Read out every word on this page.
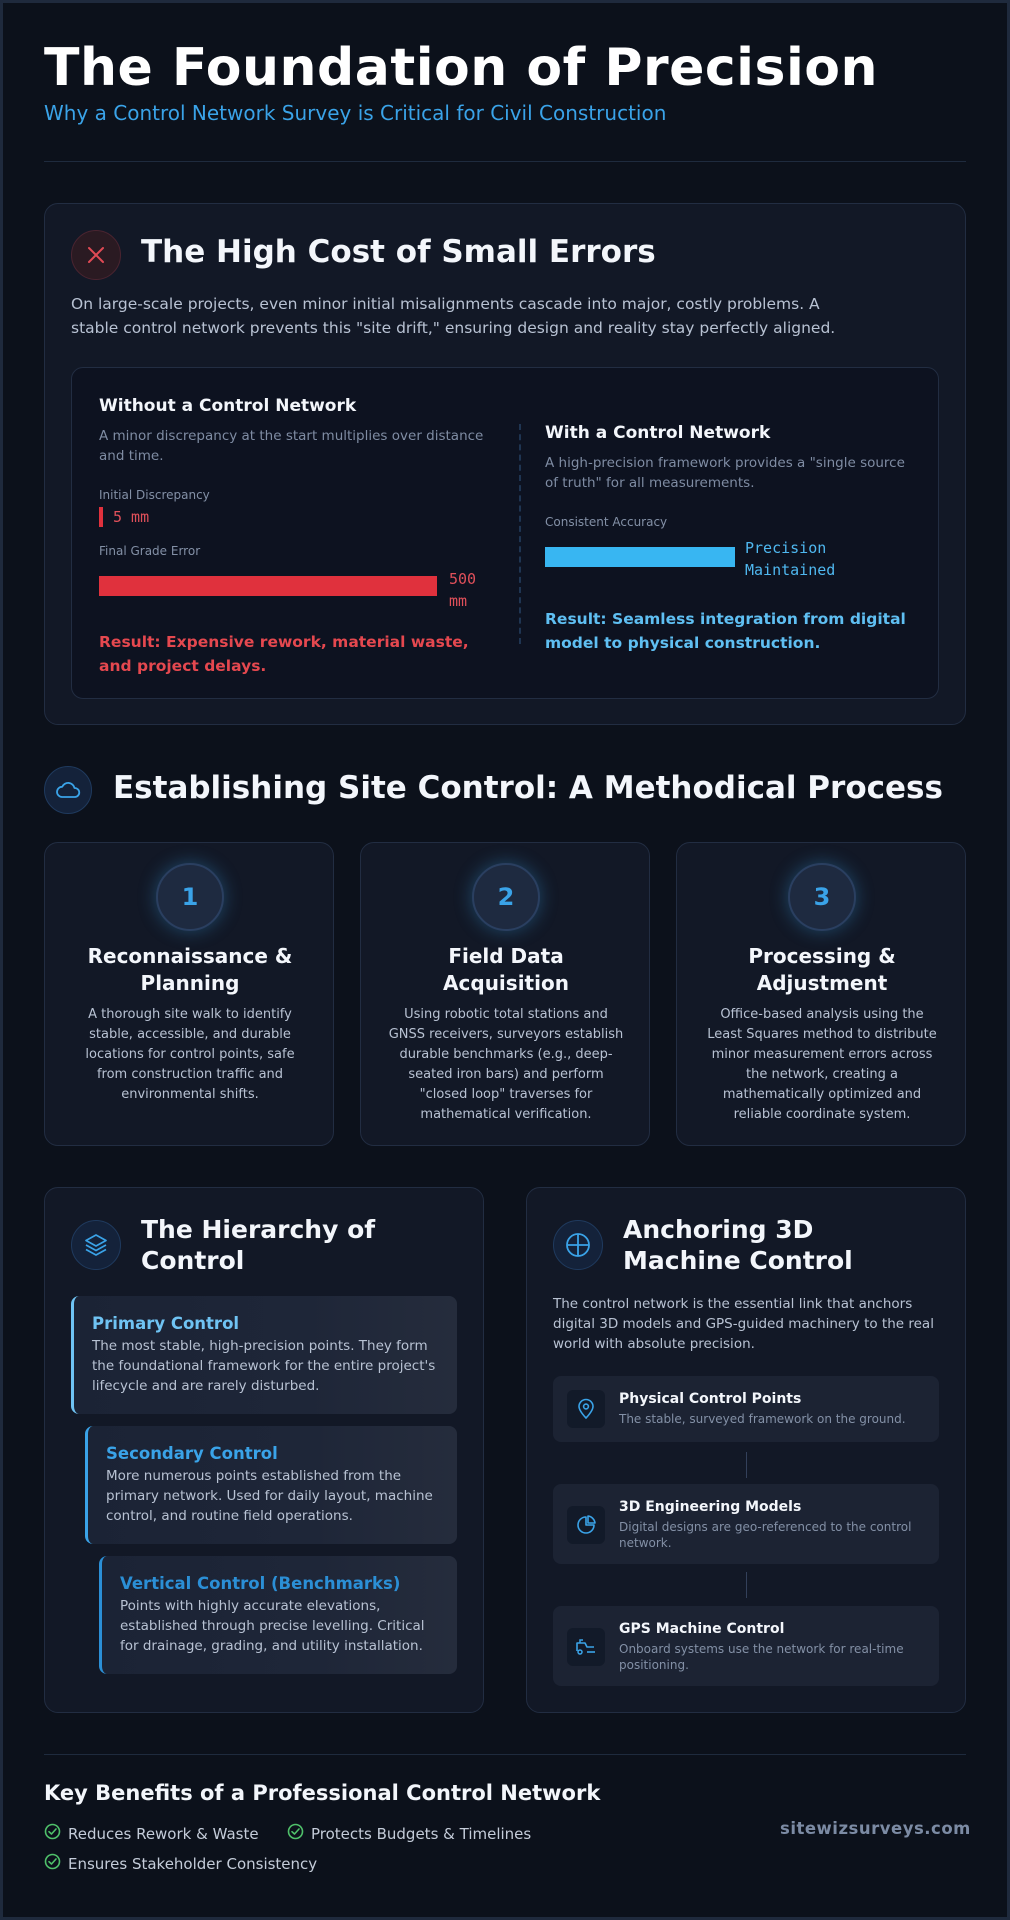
The Foundation of Precision
Why a Control Network Survey is Critical for Civil Construction
The High Cost of Small Errors
On large-scale projects, even minor initial misalignments cascade into major, costly problems. A stable control network prevents this "site drift," ensuring design and reality stay perfectly aligned.
Without a Control Network
A minor discrepancy at the start multiplies over distance and time.
Initial Discrepancy
5 mm
Final Grade Error
500
mm
Result: Expensive rework, material waste, and project delays.
With a Control Network
A high-precision framework provides a "single source of truth" for all measurements.
Consistent Accuracy
Precision
Maintained
Result: Seamless integration from digital model to physical construction.
Establishing Site Control: A Methodical Process
1
Reconnaissance &
Planning
A thorough site walk to identify stable, accessible, and durable locations for control points, safe from construction traffic and environmental shifts.
2
Field Data
Acquisition
Using robotic total stations and GNSS receivers, surveyors establish durable benchmarks (e.g., deep-seated iron bars) and perform "closed loop" traverses for mathematical verification.
3
Processing &
Adjustment
Office-based analysis using the Least Squares method to distribute minor measurement errors across the network, creating a mathematically optimized and reliable coordinate system.
The Hierarchy of
Control
Primary Control
The most stable, high-precision points. They form the foundational framework for the entire project's lifecycle and are rarely disturbed.
Secondary Control
More numerous points established from the primary network. Used for daily layout, machine control, and routine field operations.
Vertical Control (Benchmarks)
Points with highly accurate elevations, established through precise levelling. Critical for drainage, grading, and utility installation.
Anchoring 3D
Machine Control
The control network is the essential link that anchors digital 3D models and GPS-guided machinery to the real world with absolute precision.
Physical Control Points
The stable, surveyed framework on the ground.
3D Engineering Models
Digital designs are geo-referenced to the control network.
GPS Machine Control
Onboard systems use the network for real-time positioning.
Key Benefits of a Professional Control Network
Reduces Rework & Waste	Protects Budgets & Timelines
Ensures Stakeholder Consistency
sitewizsurveys.com
